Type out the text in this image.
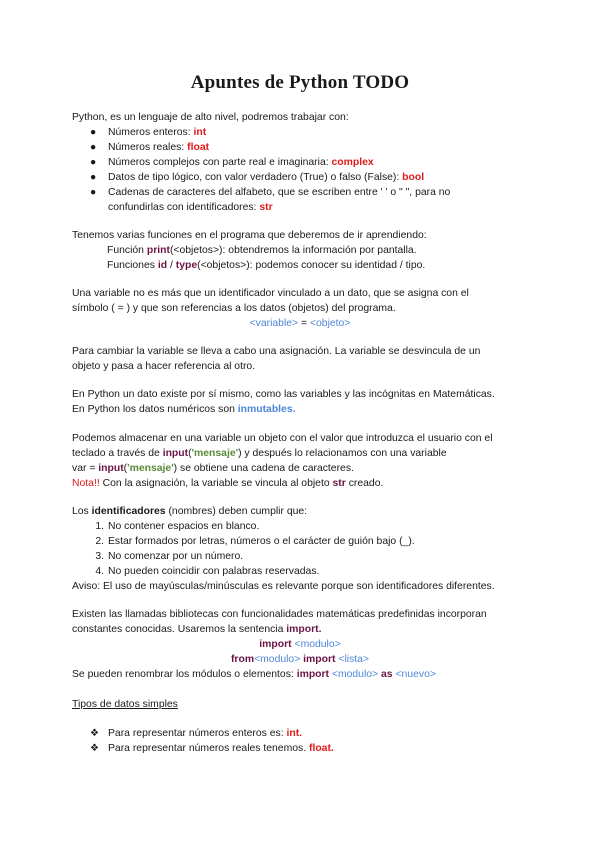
Apuntes de Python TODO
Python, es un lenguaje de alto nivel, podremos trabajar con:
●	Números enteros: int
●	Números reales: float
●	Números complejos con parte real e imaginaria: complex
●	Datos de tipo lógico, con valor verdadero (True) o falso (False): bool
●	Cadenas de caracteres del alfabeto, que se escriben entre ' ' o " ", para no
confundirlas con identificadores: str
Tenemos varias funciones en el programa que deberemos de ir aprendiendo:
Función print(<objetos>): obtendremos la información por pantalla.
Funciones id / type(<objetos>): podemos conocer su identidad / tipo.
Una variable no es más que un identificador vinculado a un dato, que se asigna con el
símbolo ( = ) y que son referencias a los datos (objetos) del programa.
<variable> = <objeto>
Para cambiar la variable se lleva a cabo una asignación. La variable se desvincula de un
objeto y pasa a hacer referencia al otro.
En Python un dato existe por sí mismo, como las variables y las incógnitas en Matemáticas.
En Python los datos numéricos son inmutables.
Podemos almacenar en una variable un objeto con el valor que introduzca el usuario con el
teclado a través de input('mensaje') y después lo relacionamos con una variable
var = input('mensaje') se obtiene una cadena de caracteres.
Nota!! Con la asignación, la variable se vincula al objeto str creado.
Los identificadores (nombres) deben cumplir que:
1. No contener espacios en blanco.
2. Estar formados por letras, números o el carácter de guión bajo (_).
3. No comenzar por un número.
4. No pueden coincidir con palabras reservadas.
Aviso: El uso de mayúsculas/minúsculas es relevante porque son identificadores diferentes.
Existen las llamadas bibliotecas con funcionalidades matemáticas predefinidas incorporan
constantes conocidas. Usaremos la sentencia import.
import <modulo>
from<modulo> import <lista>
Se pueden renombrar los módulos o elementos: import <modulo> as <nuevo>
Tipos de datos simples
❖ Para representar números enteros es: int.
❖ Para representar números reales tenemos. float.
